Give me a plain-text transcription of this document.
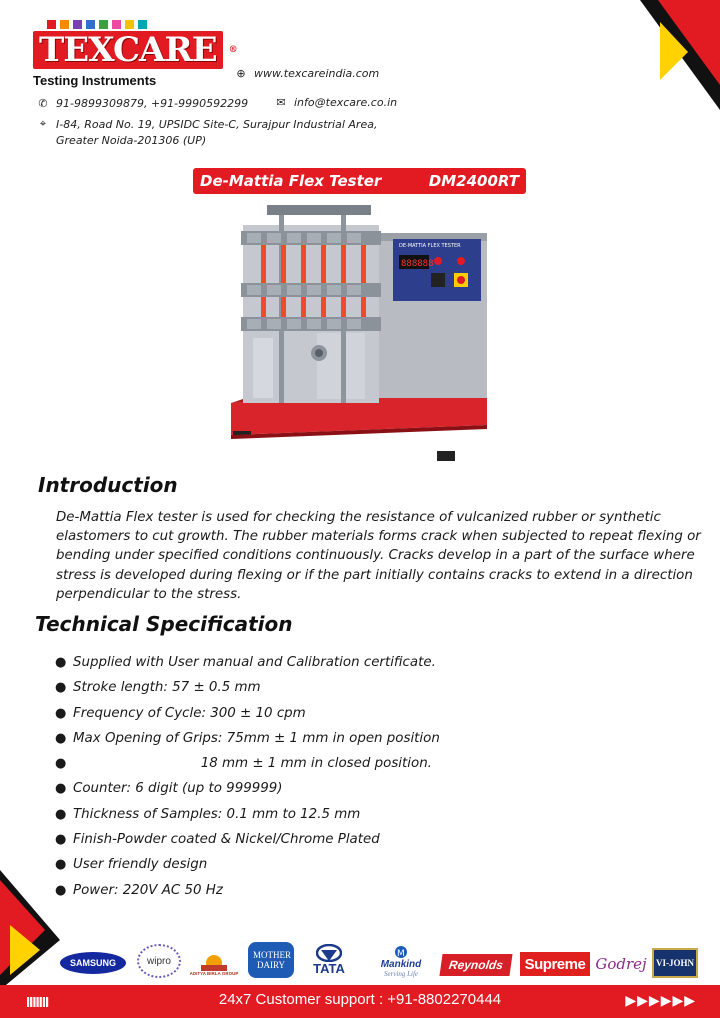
TEXCARE ®
Testing Instruments	⊕ www.texcareindia.com
✆ 91-9899309879, +91-9990592299	✉ info@texcare.co.in
⌖ I-84, Road No. 19, UPSIDC Site-C, Surajpur Industrial Area,
Greater Noida-201306 (UP)
De-Mattia Flex Tester	DM2400RT
DE-MATTIA FLEX TESTER
888888
Introduction

De-Mattia Flex tester is used for checking the resistance of vulcanized rubber or synthetic elastomers to cut growth. The rubber materials forms crack when subjected to repeat flexing or bending under specified conditions continuously. Cracks develop in a part of the surface where stress is developed during flexing or if the part initially contains cracks to extend in a direction perpendicular to the stress.

Technical Specification
● Supplied with User manual and Calibration certificate.
● Stroke length: 57 ± 0.5 mm
● Frequency of Cycle: 300 ± 10 cpm
● Max Opening of Grips: 75mm ± 1 mm in open position
● 18 mm ± 1 mm in closed position.
● Counter: 6 digit (up to 999999)
● Thickness of Samples: 0.1 mm to 12.5 mm
● Finish-Powder coated & Nickel/Chrome Plated
● User friendly design
● Power: 220V AC 50 Hz
SAMSUNG	wipro
ADITYA BIRLA GROUP
MOTHER DAIRY	TATA
M
Mankind
Serving Life
Reynolds Supreme Godrej VI-JOHN
IIIIIII	24x7 Customer support : +91-8802270444	▶▶▶▶▶▶
